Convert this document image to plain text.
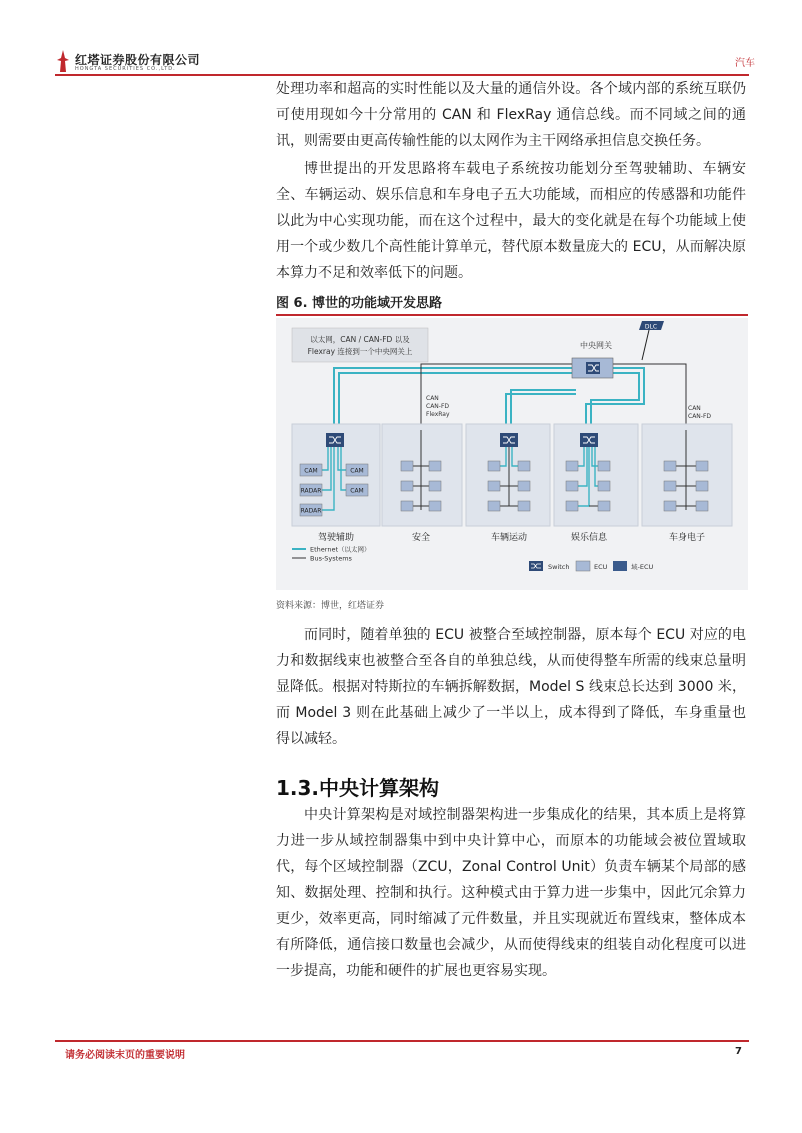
红塔证券股份有限公司
HONGTA SECURITIES CO.,LTD.	汽车

处理功率和超高的实时性能以及大量的通信外设。各个域内部的系统互联仍可使用现如今十分常用的 CAN 和 FlexRay 通信总线。而不同域之间的通讯，则需要由更高传输性能的以太网作为主干网络承担信息交换任务。

博世提出的开发思路将车载电子系统按功能划分至驾驶辅助、车辆安全、车辆运动、娱乐信息和车身电子五大功能域，而相应的传感器和功能件以此为中心实现功能，而在这个过程中，最大的变化就是在每个功能域上使用一个或少数几个高性能计算单元，替代原本数量庞大的 ECU，从而解决原本算力不足和效率低下的问题。

图 6. 博世的功能域开发思路
以太网，CAN / CAN-FD 以及
Flexray 连接到一个中央网关上
DLC
中央网关
CAN
CAN-FD
FlexRay
CAN
CAN-FD
CAM
RADAR
RADAR
CAM
CAM
驾驶辅助	安全	车辆运动	娱乐信息	车身电子
Ethernet（以太网）
Bus-Systems
Switch	ECU	域-ECU
资料来源：博世，红塔证券

而同时，随着单独的 ECU 被整合至域控制器，原本每个 ECU 对应的电力和数据线束也被整合至各自的单独总线，从而使得整车所需的线束总量明显降低。根据对特斯拉的车辆拆解数据，Model S 线束总长达到 3000 米，而 Model 3 则在此基础上减少了一半以上，成本得到了降低，车身重量也得以减轻。

1.3.中央计算架构

中央计算架构是对域控制器架构进一步集成化的结果，其本质上是将算力进一步从域控制器集中到中央计算中心，而原本的功能域会被位置域取代，每个区域控制器（ZCU，Zonal Control Unit）负责车辆某个局部的感知、数据处理、控制和执行。这种模式由于算力进一步集中，因此冗余算力更少，效率更高，同时缩减了元件数量，并且实现就近布置线束，整体成本有所降低，通信接口数量也会减少，从而使得线束的组装自动化程度可以进一步提高，功能和硬件的扩展也更容易实现。

请务必阅读末页的重要说明	7
